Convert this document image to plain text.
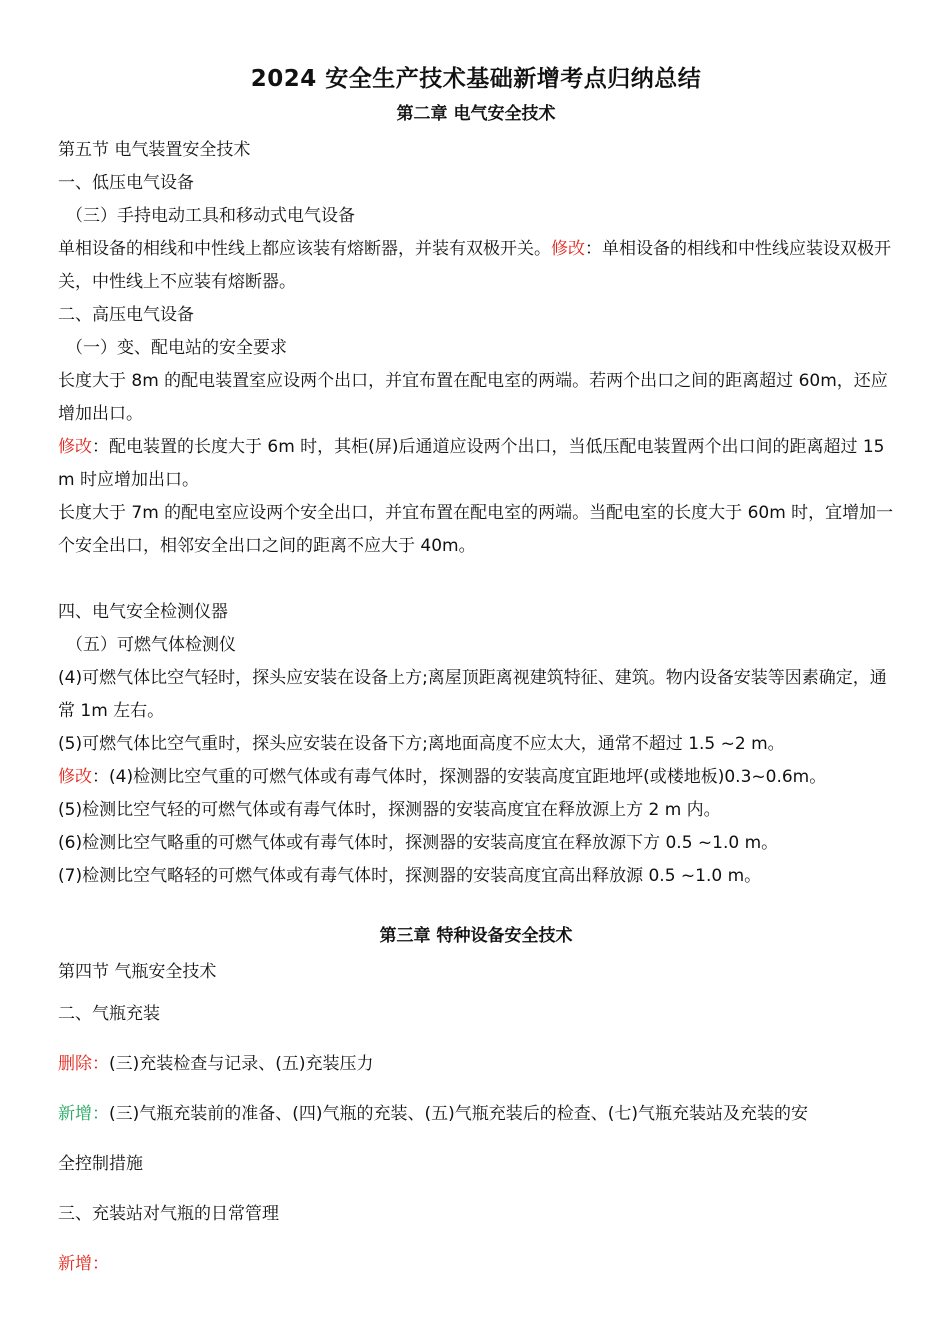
2024 安全生产技术基础新增考点归纳总结
第二章 电气安全技术
第五节 电气装置安全技术
一、低压电气设备
（三）手持电动工具和移动式电气设备
单相设备的相线和中性线上都应该装有熔断器，并装有双极开关。修改：单相设备的相线和中性线应装设双极开关，中性线上不应装有熔断器。
二、高压电气设备
（一）变、配电站的安全要求
长度大于 8m 的配电装置室应设两个出口，并宜布置在配电室的两端。若两个出口之间的距离超过 60m，还应增加出口。
修改：配电装置的长度大于 6m 时，其柜(屏)后通道应设两个出口，当低压配电装置两个出口间的距离超过 15 m 时应增加出口。
长度大于 7m 的配电室应设两个安全出口，并宜布置在配电室的两端。当配电室的长度大于 60m 时，宜增加一个安全出口，相邻安全出口之间的距离不应大于 40m。
四、电气安全检测仪器
（五）可燃气体检测仪
(4)可燃气体比空气轻时，探头应安装在设备上方;离屋顶距离视建筑特征、建筑。物内设备安装等因素确定，通常 1m 左右。
(5)可燃气体比空气重时，探头应安装在设备下方;离地面高度不应太大，通常不超过 1.5 ~2 m。
修改：(4)检测比空气重的可燃气体或有毒气体时，探测器的安装高度宜距地坪(或楼地板)0.3~0.6m。
(5)检测比空气轻的可燃气体或有毒气体时，探测器的安装高度宜在释放源上方 2 m 内。
(6)检测比空气略重的可燃气体或有毒气体时，探测器的安装高度宜在释放源下方 0.5 ~1.0 m。
(7)检测比空气略轻的可燃气体或有毒气体时，探测器的安装高度宜高出释放源 0.5 ~1.0 m。
第三章 特种设备安全技术
第四节 气瓶安全技术
二、气瓶充装
删除：(三)充装检查与记录、(五)充装压力
新增：(三)气瓶充装前的准备、(四)气瓶的充装、(五)气瓶充装后的检查、(七)气瓶充装站及充装的安
全控制措施
三、充装站对气瓶的日常管理
新增：
